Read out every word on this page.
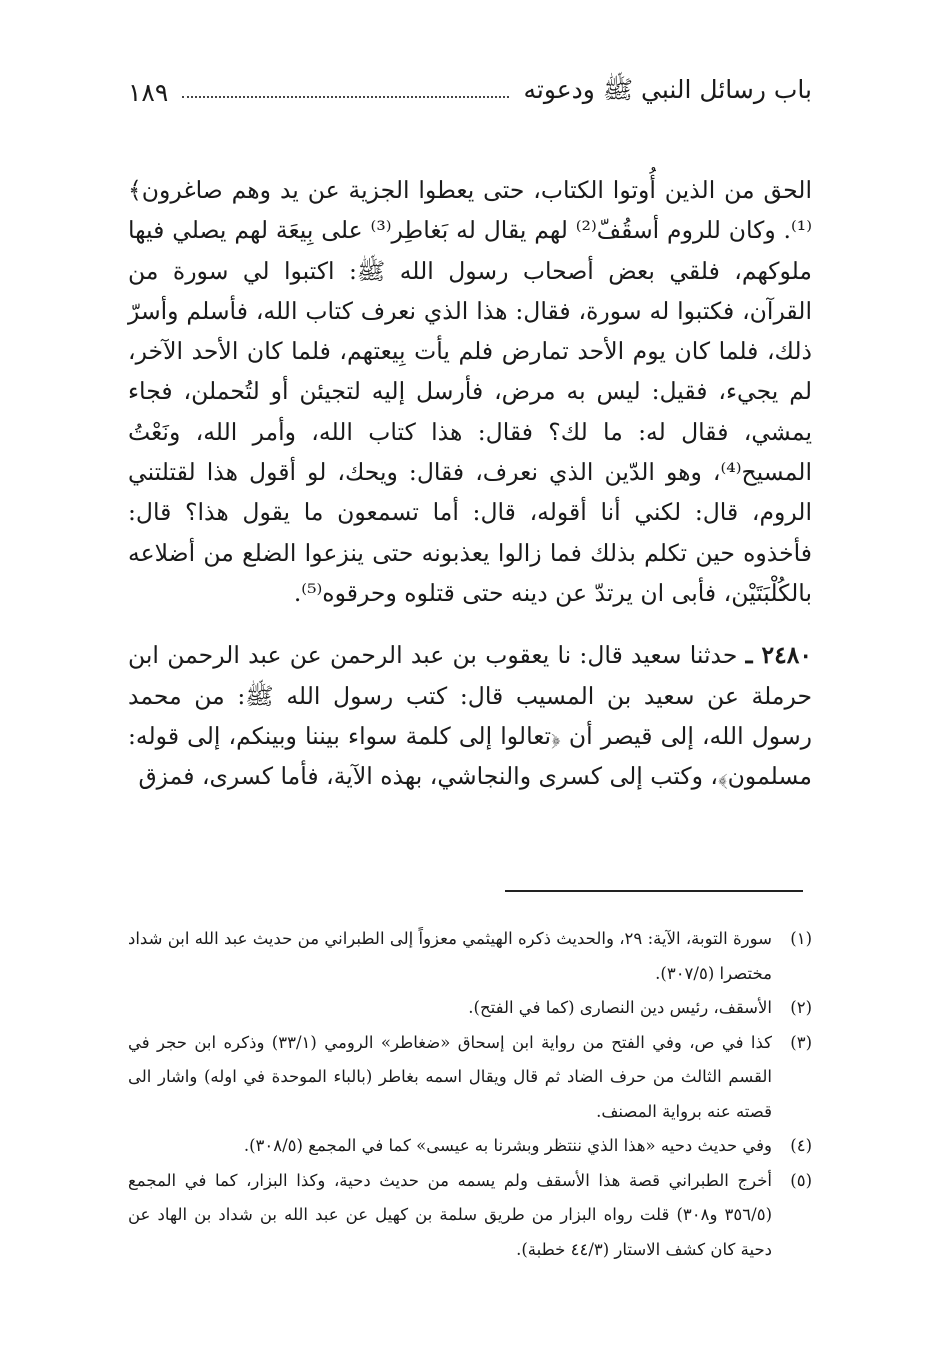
باب رسائل النبي ﷺ ودعوته
١٨٩

الحق من الذين أُوتوا الكتاب، حتى يعطوا الجزية عن يد وهم صاغرون﴾⁽¹⁾. وكان للروم أسقُفّ⁽²⁾ لهم يقال له بَغاطِر⁽³⁾ على بِيعَة لهم يصلي فيها ملوكهم، فلقي بعض أصحاب رسول الله ﷺ: اكتبوا لي سورة من القرآن، فكتبوا له سورة، فقال: هذا الذي نعرف كتاب الله، فأسلم وأسرّ ذلك، فلما كان يوم الأحد تمارض فلم يأت بِيعتهم، فلما كان الأحد الآخر، لم يجيء، فقيل: ليس به مرض، فأرسل إليه لتجيئن أو لتُحملن، فجاء يمشي، فقال له: ما لك؟ فقال: هذا كتاب الله، وأمر الله، ونَعْتُ المسيح⁽⁴⁾، وهو الدّين الذي نعرف، فقال: ويحك، لو أقول هذا لقتلتني الروم، قال: لكني أنا أقوله، قال: أما تسمعون ما يقول هذا؟ قال: فأخذوه حين تكلم بذلك فما زالوا يعذبونه حتى ينزعوا الضلع من أضلاعه بالكُلْبَتَيْن، فأبى ان يرتدّ عن دينه حتى قتلوه وحرقوه⁽⁵⁾.

٢٤٨٠ ـ حدثنا سعيد قال: نا يعقوب بن عبد الرحمن عن عبد الرحمن ابن حرملة عن سعيد بن المسيب قال: كتب رسول الله ﷺ: من محمد رسول الله، إلى قيصر أن ﴿تعالوا إلى كلمة سواء بيننا وبينكم، إلى قوله: مسلمون﴾، وكتب إلى كسرى والنجاشي، بهذه الآية، فأما كسرى، فمزق

(١)
سورة التوبة، الآية: ٢٩، والحديث ذكره الهيثمي معزواً إلى الطبراني من حديث عبد الله ابن شداد مختصرا (٣٠٧/٥).
(٢)
الأسقف، رئيس دين النصارى (كما في الفتح).
(٣)
كذا في ص، وفي الفتح من رواية ابن إسحاق «ضغاطر» الرومي (٣٣/١) وذكره ابن حجر في القسم الثالث من حرف الضاد ثم قال ويقال اسمه بغاطر (بالباء الموحدة في اوله) واشار الى قصته عنه برواية المصنف.
(٤)
وفي حديث دحيه «هذا الذي ننتظر وبشرنا به عيسى» كما في المجمع (٣٠٨/٥).
(٥)
أخرج الطبراني قصة هذا الأسقف ولم يسمه من حديث دحية، وكذا البزار، كما في المجمع (٣٥٦/٥ و٣٠٨) قلت رواه البزار من طريق سلمة بن كهيل عن عبد الله بن شداد بن الهاد عن دحية كان كشف الاستار (٤٤/٣ خطبة).
